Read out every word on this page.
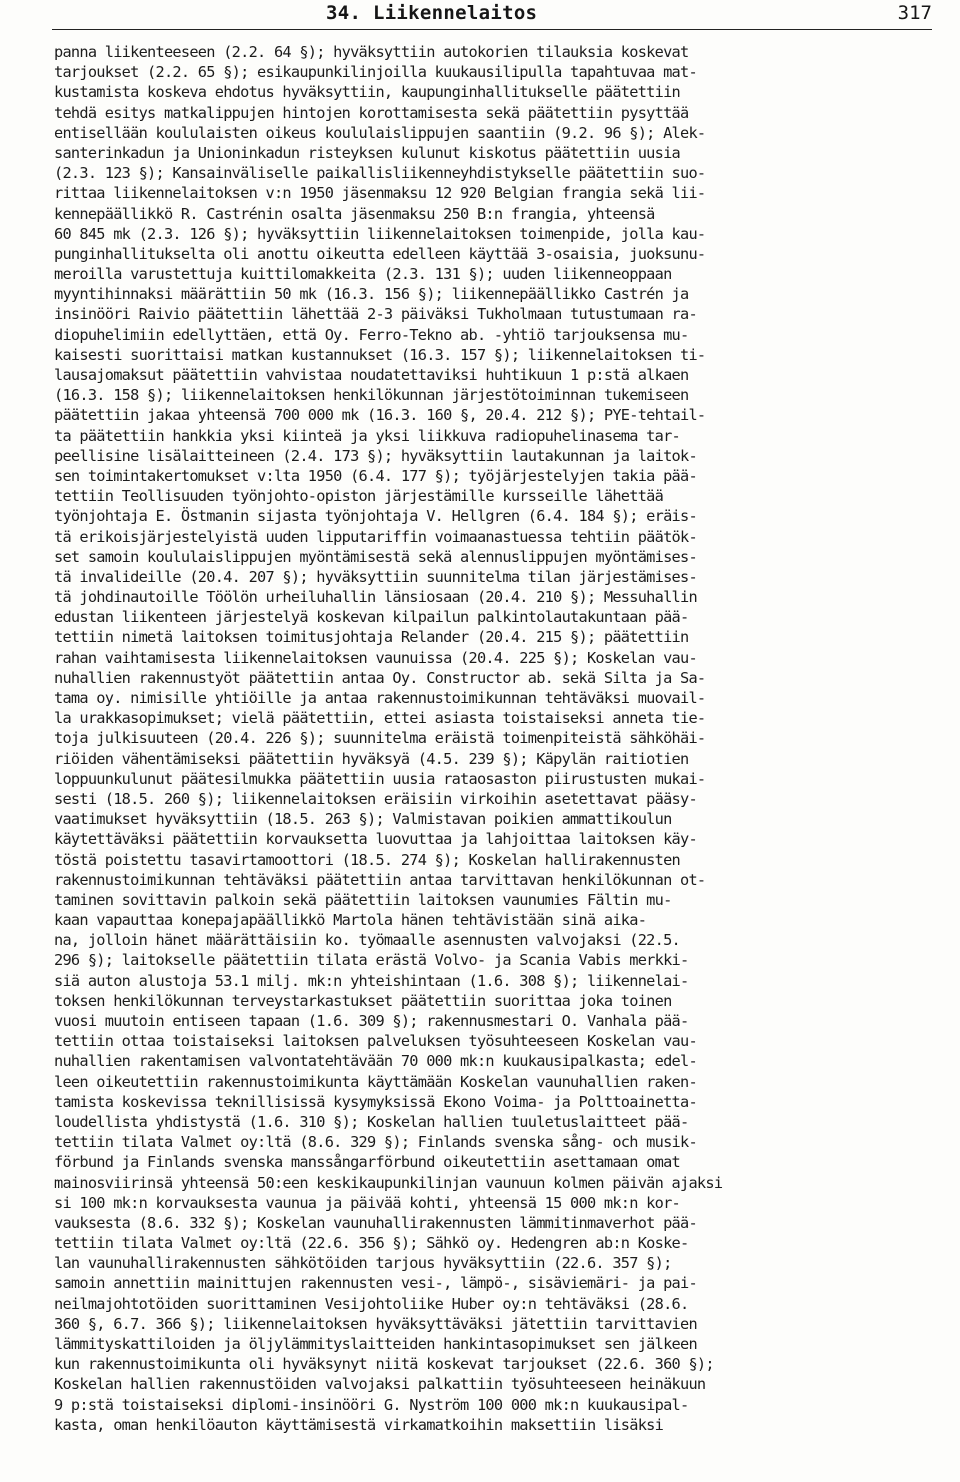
34. Liikennelaitos	317
panna liikenteeseen (2.2. 64 §); hyväksyttiin autokorien tilauksia koskevat
tarjoukset (2.2. 65 §); esikaupunkilinjoilla kuukausilipulla tapahtuvaa mat-
kustamista koskeva ehdotus hyväksyttiin, kaupunginhallitukselle päätettiin
tehdä esitys matkalippujen hintojen korottamisesta sekä päätettiin pysyttää
entisellään koululaisten oikeus koululaislippujen saantiin (9.2. 96 §); Alek-
santerinkadun ja Unioninkadun risteyksen kulunut kiskotus päätettiin uusia
(2.3. 123 §); Kansainväliselle paikallisliikenneyhdistykselle päätettiin suo-
rittaa liikennelaitoksen v:n 1950 jäsenmaksu 12 920 Belgian frangia sekä lii-
kennepäällikkö R. Castrénin osalta jäsenmaksu 250 B:n frangia, yhteensä
60 845 mk (2.3. 126 §); hyväksyttiin liikennelaitoksen toimenpide, jolla kau-
punginhallitukselta oli anottu oikeutta edelleen käyttää 3-osaisia, juoksunu-
meroilla varustettuja kuittilomakkeita (2.3. 131 §); uuden liikenneoppaan
myyntihinnaksi määrättiin 50 mk (16.3. 156 §); liikennepäällikko Castrén ja
insinööri Raivio päätettiin lähettää 2-3 päiväksi Tukholmaan tutustumaan ra-
diopuhelimiin edellyttäen, että Oy. Ferro-Tekno ab. -yhtiö tarjouksensa mu-
kaisesti suorittaisi matkan kustannukset (16.3. 157 §); liikennelaitoksen ti-
lausajomaksut päätettiin vahvistaa noudatettaviksi huhtikuun 1 p:stä alkaen
(16.3. 158 §); liikennelaitoksen henkilökunnan järjestötoiminnan tukemiseen
päätettiin jakaa yhteensä 700 000 mk (16.3. 160 §, 20.4. 212 §); PYE-tehtail-
ta päätettiin hankkia yksi kiinteä ja yksi liikkuva radiopuhelinasema tar-
peellisine lisälaitteineen (2.4. 173 §); hyväksyttiin lautakunnan ja laitok-
sen toimintakertomukset v:lta 1950 (6.4. 177 §); työjärjestelyjen takia pää-
tettiin Teollisuuden työnjohto-opiston järjestämille kursseille lähettää
työnjohtaja E. Östmanin sijasta työnjohtaja V. Hellgren (6.4. 184 §); eräis-
tä erikoisjärjestelyistä uuden lipputariffin voimaanastuessa tehtiin päätök-
set samoin koululaislippujen myöntämisestä sekä alennuslippujen myöntämises-
tä invalideille (20.4. 207 §); hyväksyttiin suunnitelma tilan järjestämises-
tä johdinautoille Töölön urheiluhallin länsiosaan (20.4. 210 §); Messuhallin
edustan liikenteen järjestelyä koskevan kilpailun palkintolautakuntaan pää-
tettiin nimetä laitoksen toimitusjohtaja Relander (20.4. 215 §); päätettiin
rahan vaihtamisesta liikennelaitoksen vaunuissa (20.4. 225 §); Koskelan vau-
nuhallien rakennustyöt päätettiin antaa Oy. Constructor ab. sekä Silta ja Sa-
tama oy. nimisille yhtiöille ja antaa rakennustoimikunnan tehtäväksi muovail-
la urakkasopimukset; vielä päätettiin, ettei asiasta toistaiseksi anneta tie-
toja julkisuuteen (20.4. 226 §); suunnitelma eräistä toimenpiteistä sähköhäi-
riöiden vähentämiseksi päätettiin hyväksyä (4.5. 239 §); Käpylän raitiotien
loppuunkulunut päätesilmukka päätettiin uusia rataosaston piirustusten mukai-
sesti (18.5. 260 §); liikennelaitoksen eräisiin virkoihin asetettavat pääsy-
vaatimukset hyväksyttiin (18.5. 263 §); Valmistavan poikien ammattikoulun
käytettäväksi päätettiin korvauksetta luovuttaa ja lahjoittaa laitoksen käy-
töstä poistettu tasavirtamoottori (18.5. 274 §); Koskelan hallirakennusten
rakennustoimikunnan tehtäväksi päätettiin antaa tarvittavan henkilökunnan ot-
taminen sovittavin palkoin sekä päätettiin laitoksen vaunumies Fältin mu-
kaan vapauttaa konepajapäällikkö Martola hänen tehtävistään sinä aika-
na, jolloin hänet määrättäisiin ko. työmaalle asennusten valvojaksi (22.5.
296 §); laitokselle päätettiin tilata erästä Volvo- ja Scania Vabis merkki-
siä auton alustoja 53.1 milj. mk:n yhteishintaan (1.6. 308 §); liikennelai-
toksen henkilökunnan terveystarkastukset päätettiin suorittaa joka toinen
vuosi muutoin entiseen tapaan (1.6. 309 §); rakennusmestari O. Vanhala pää-
tettiin ottaa toistaiseksi laitoksen palveluksen työsuhteeseen Koskelan vau-
nuhallien rakentamisen valvontatehtävään 70 000 mk:n kuukausipalkasta; edel-
leen oikeutettiin rakennustoimikunta käyttämään Koskelan vaunuhallien raken-
tamista koskevissa teknillisissä kysymyksissä Ekono Voima- ja Polttoainetta-
loudellista yhdistystä (1.6. 310 §); Koskelan hallien tuuletuslaitteet pää-
tettiin tilata Valmet oy:ltä (8.6. 329 §); Finlands svenska sång- och musik-
förbund ja Finlands svenska manssångarförbund oikeutettiin asettamaan omat
mainosviirinsä yhteensä 50:een keskikaupunkilinjan vaunuun kolmen päivän ajaksi
si 100 mk:n korvauksesta vaunua ja päivää kohti, yhteensä 15 000 mk:n kor-
vauksesta (8.6. 332 §); Koskelan vaunuhallirakennusten lämmitinmaverhot pää-
tettiin tilata Valmet oy:ltä (22.6. 356 §); Sähkö oy. Hedengren ab:n Koske-
lan vaunuhallirakennusten sähkötöiden tarjous hyväksyttiin (22.6. 357 §);
samoin annettiin mainittujen rakennusten vesi-, lämpö-, sisäviemäri- ja pai-
neilmajohtotöiden suorittaminen Vesijohtoliike Huber oy:n tehtäväksi (28.6.
360 §, 6.7. 366 §); liikennelaitoksen hyväksyttäväksi jätettiin tarvittavien
lämmityskattiloiden ja öljylämmityslaitteiden hankintasopimukset sen jälkeen
kun rakennustoimikunta oli hyväksynyt niitä koskevat tarjoukset (22.6. 360 §);
Koskelan hallien rakennustöiden valvojaksi palkattiin työsuhteeseen heinäkuun
9 p:stä toistaiseksi diplomi-insinööri G. Nyström 100 000 mk:n kuukausipal-
kasta, oman henkilöauton käyttämisestä virkamatkoihin maksettiin lisäksi
